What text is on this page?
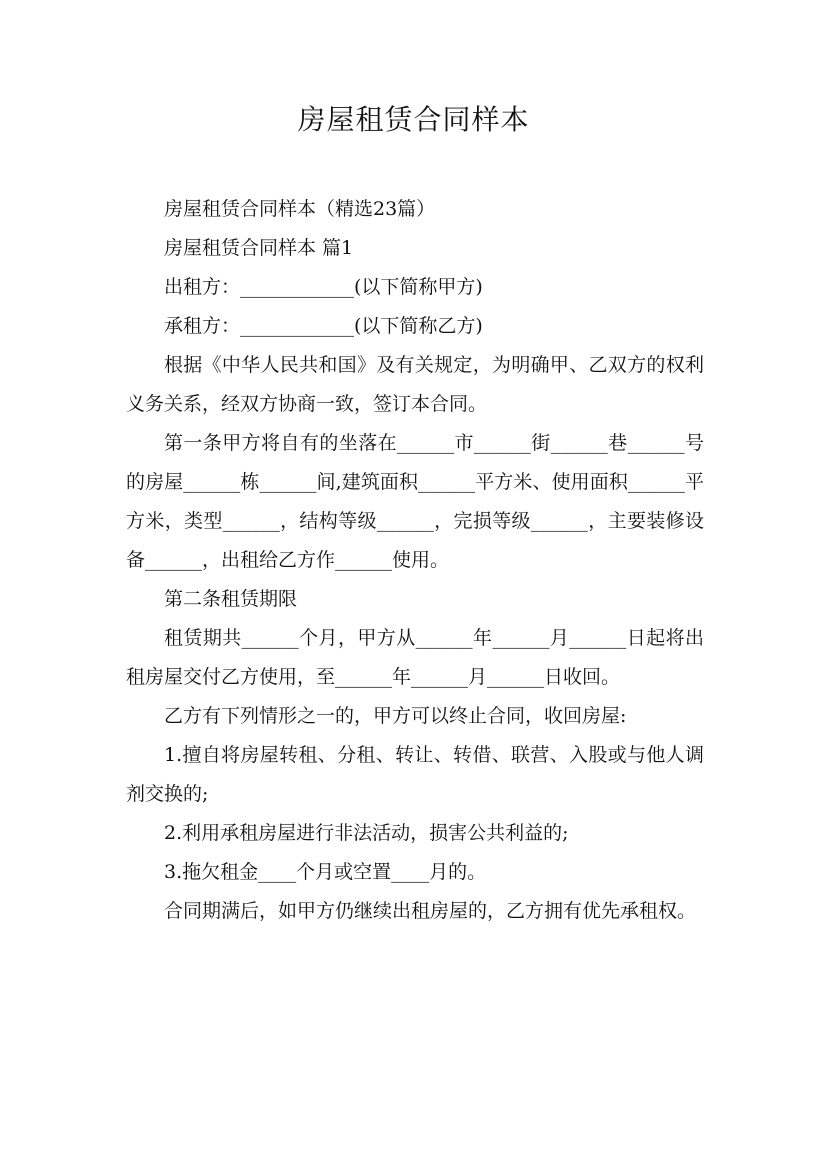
房屋租赁合同样本

房屋租赁合同样本（精选23篇）

房屋租赁合同样本 篇1

出租方：____________(以下简称甲方)

承租方：____________(以下简称乙方)

根据《中华人民共和国》及有关规定，为明确甲、乙双方的权利义务关系，经双方协商一致，签订本合同。

第一条甲方将自有的坐落在______市______街______巷______号的房屋______栋______间,建筑面积______平方米、使用面积______平方米，类型______，结构等级______，完损等级______，主要装修设备______，出租给乙方作______使用。

第二条租赁期限

租赁期共______个月，甲方从______年______月______日起将出租房屋交付乙方使用，至______年______月______日收回。

乙方有下列情形之一的，甲方可以终止合同，收回房屋:

1.擅自将房屋转租、分租、转让、转借、联营、入股或与他人调剂交换的;

2.利用承租房屋进行非法活动，损害公共利益的;

3.拖欠租金____个月或空置____月的。

合同期满后，如甲方仍继续出租房屋的，乙方拥有优先承租权。
